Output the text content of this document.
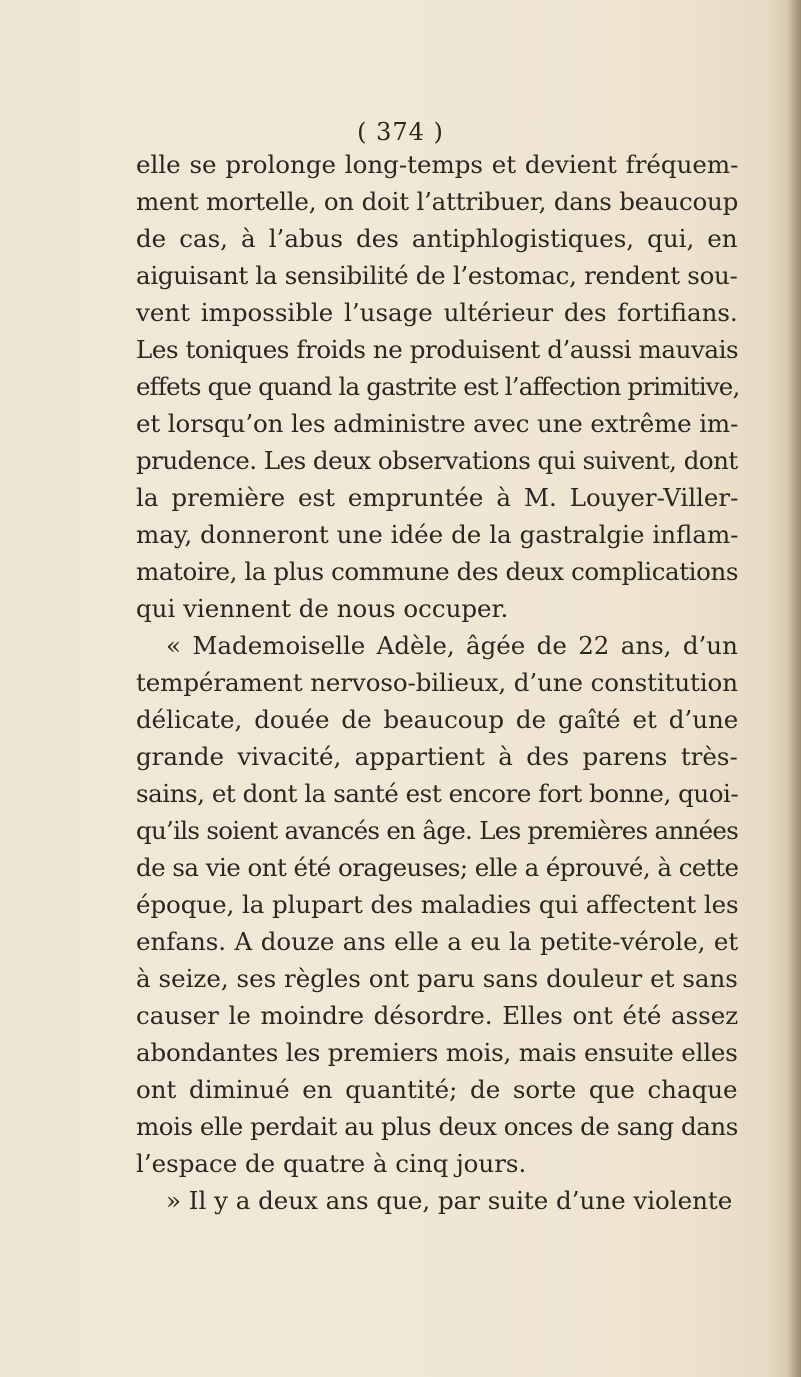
( 374 )
elle se prolonge long-temps et devient fréquem-
ment mortelle, on doit l’attribuer, dans beaucoup
de cas, à l’abus des antiphlogistiques, qui, en
aiguisant la sensibilité de l’estomac, rendent sou-
vent impossible l’usage ultérieur des fortifians.
Les toniques froids ne produisent d’aussi mauvais
effets que quand la gastrite est l’affection primitive,
et lorsqu’on les administre avec une extrême im-
prudence. Les deux observations qui suivent, dont
la première est empruntée à M. Louyer-Viller-
may, donneront une idée de la gastralgie inflam-
matoire, la plus commune des deux complications
qui viennent de nous occuper.
« Mademoiselle Adèle, âgée de 22 ans, d’un
tempérament nervoso-bilieux, d’une constitution
délicate, douée de beaucoup de gaîté et d’une
grande vivacité, appartient à des parens très-
sains, et dont la santé est encore fort bonne, quoi-
qu’ils soient avancés en âge. Les premières années
de sa vie ont été orageuses; elle a éprouvé, à cette
époque, la plupart des maladies qui affectent les
enfans. A douze ans elle a eu la petite-vérole, et
à seize, ses règles ont paru sans douleur et sans
causer le moindre désordre. Elles ont été assez
abondantes les premiers mois, mais ensuite elles
ont diminué en quantité; de sorte que chaque
mois elle perdait au plus deux onces de sang dans
l’espace de quatre à cinq jours.
» Il y a deux ans que, par suite d’une violente
